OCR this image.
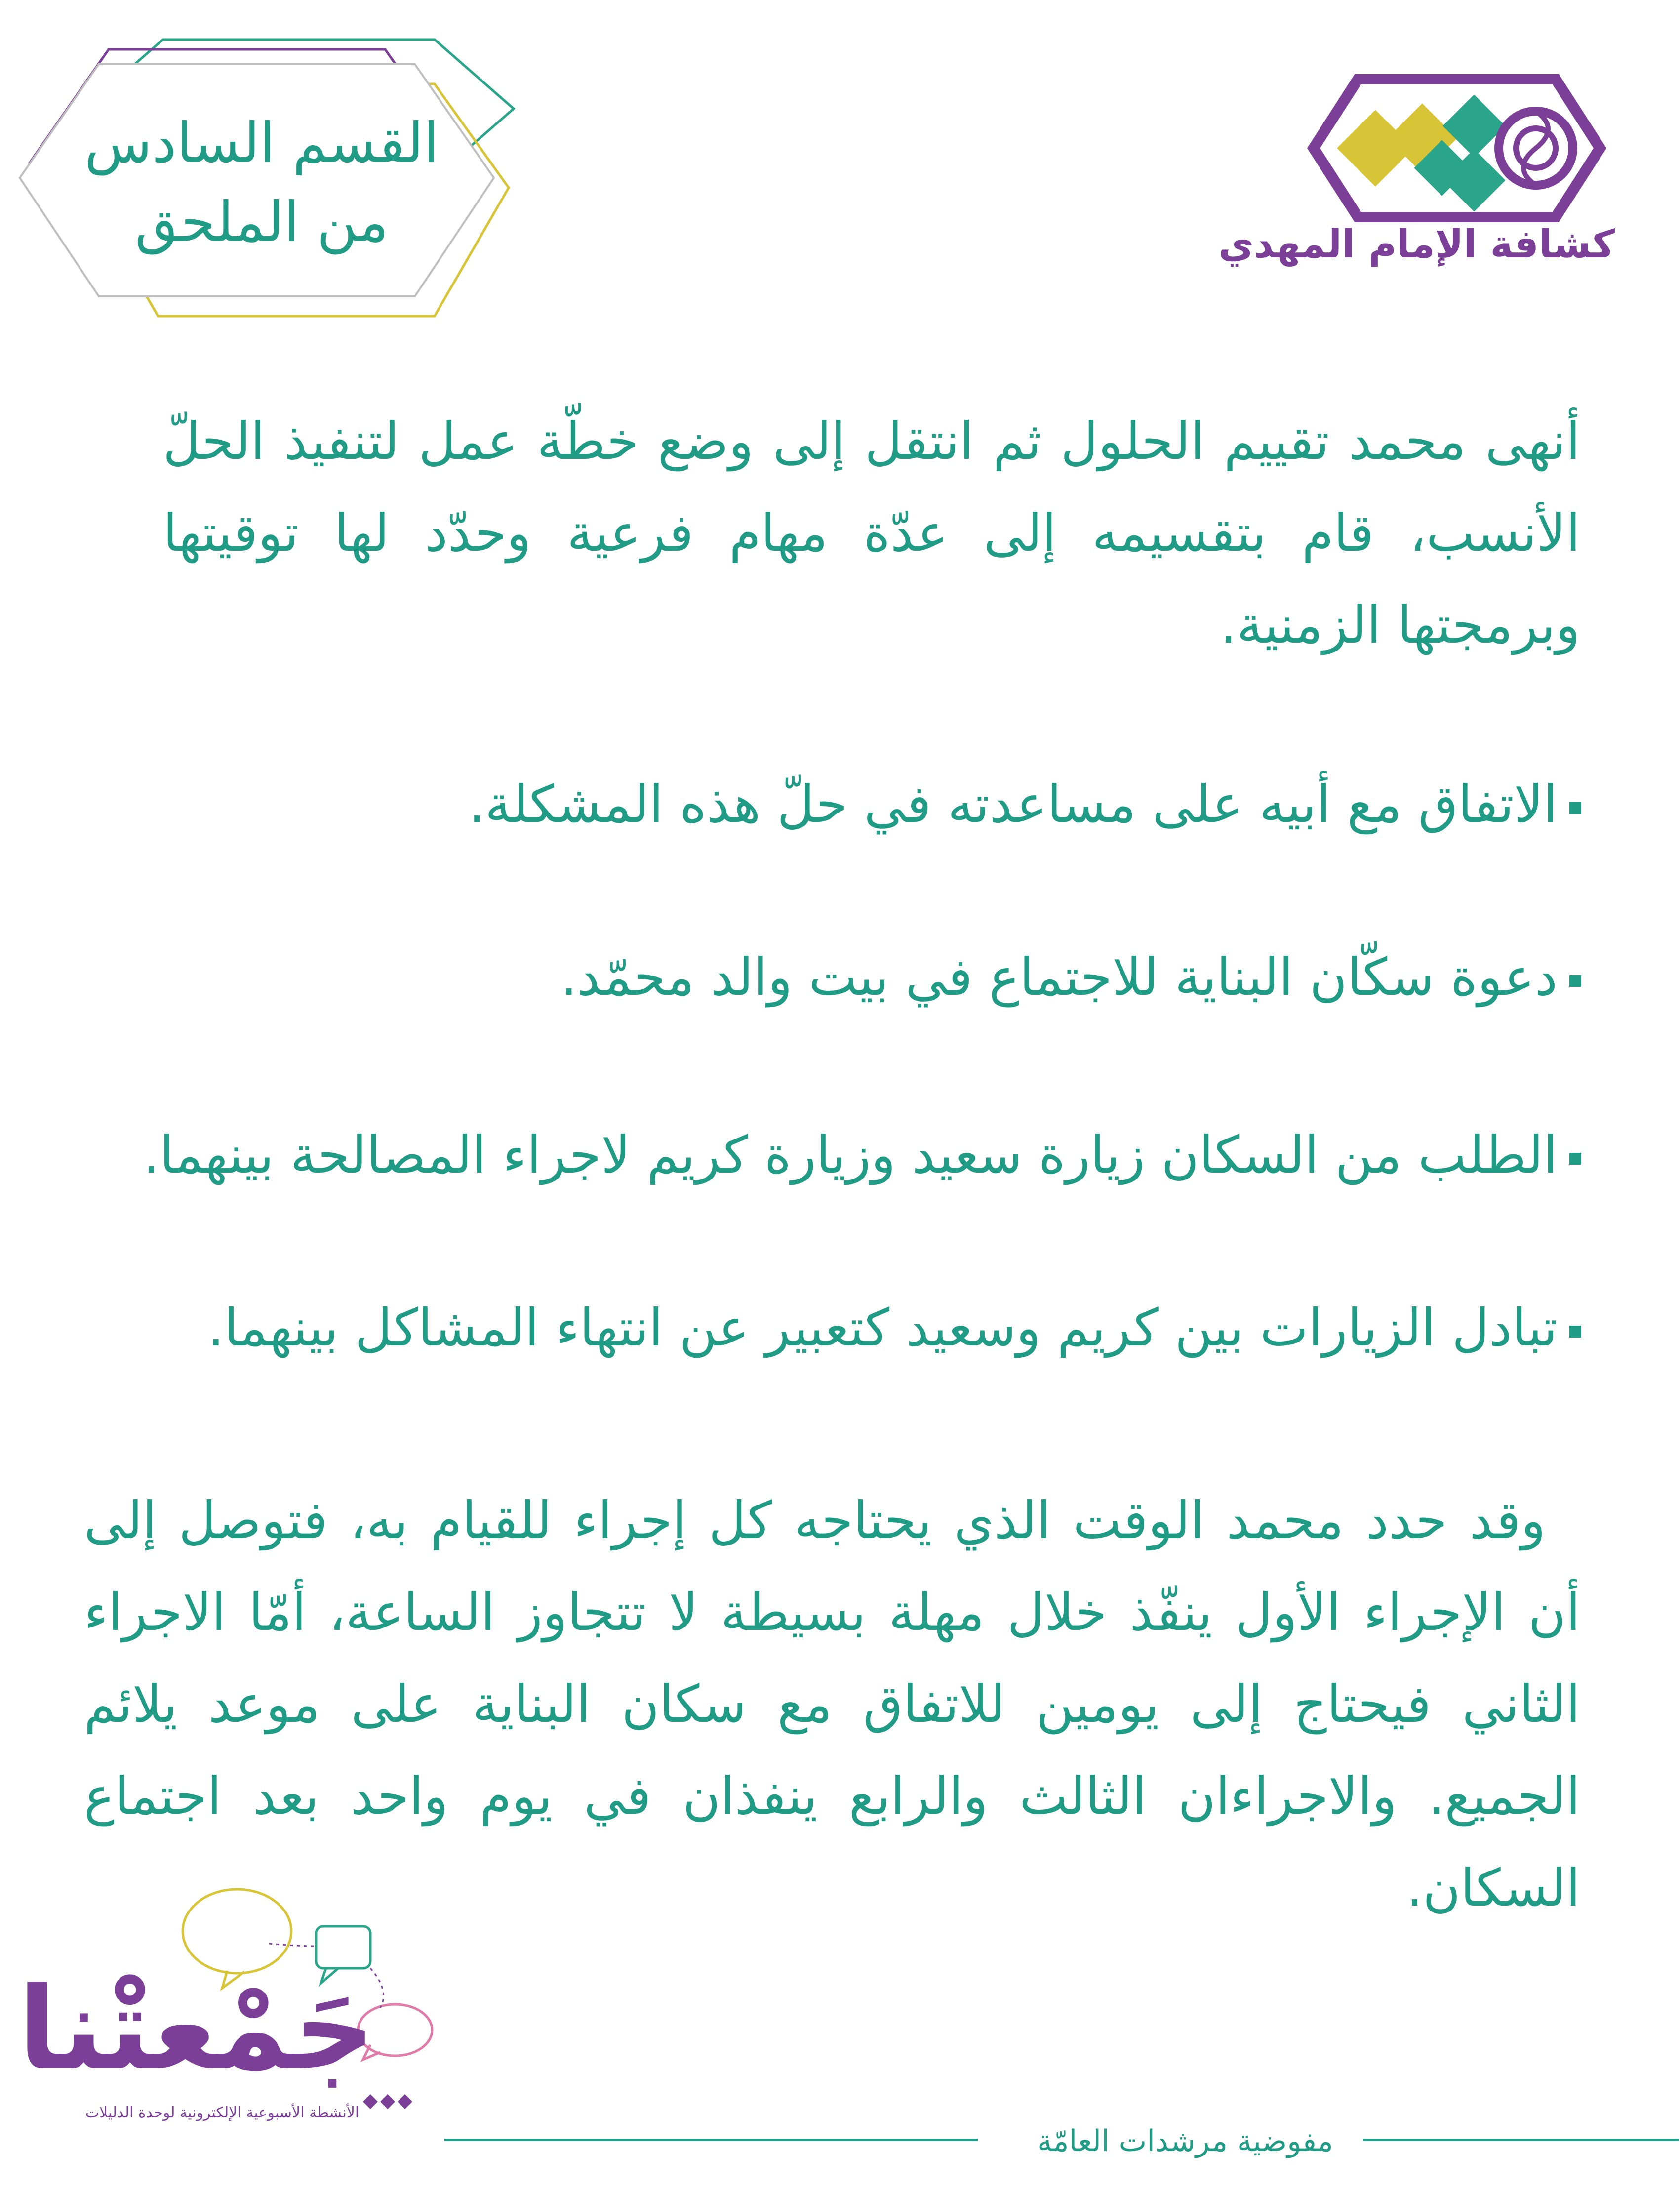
القسم السادس
من الملحق	كشافة الإمام المهدي
أنهى محمد تقييم الحلول ثم انتقل إلى وضع خطّة عمل لتنفيذ الحلّ الأنسب، قام بتقسيمه إلى عدّة مهام فرعية وحدّد لها توقيتها وبرمجتها الزمنية.
الاتفاق مع أبيه على مساعدته في حلّ هذه المشكلة.
دعوة سكّان البناية للاجتماع في بيت والد محمّد.
الطلب من السكان زيارة سعيد وزيارة كريم لاجراء المصالحة بينهما.
تبادل الزيارات بين كريم وسعيد كتعبير عن انتهاء المشاكل بينهما.
وقد حدد محمد الوقت الذي يحتاجه كل إجراء للقيام به، فتوصل إلى أن الإجراء الأول ينفّذ خلال مهلة بسيطة لا تتجاوز الساعة، أمّا الاجراء الثاني فيحتاج إلى يومين للاتفاق مع سكان البناية على موعد يلائم الجميع. والاجراءان الثالث والرابع ينفذان في يوم واحد بعد اجتماع السكان.
جَمْعتْنا
الأنشطة الأسبوعية الإلكترونية لوحدة الدليلات
مفوضية مرشدات العامّة
